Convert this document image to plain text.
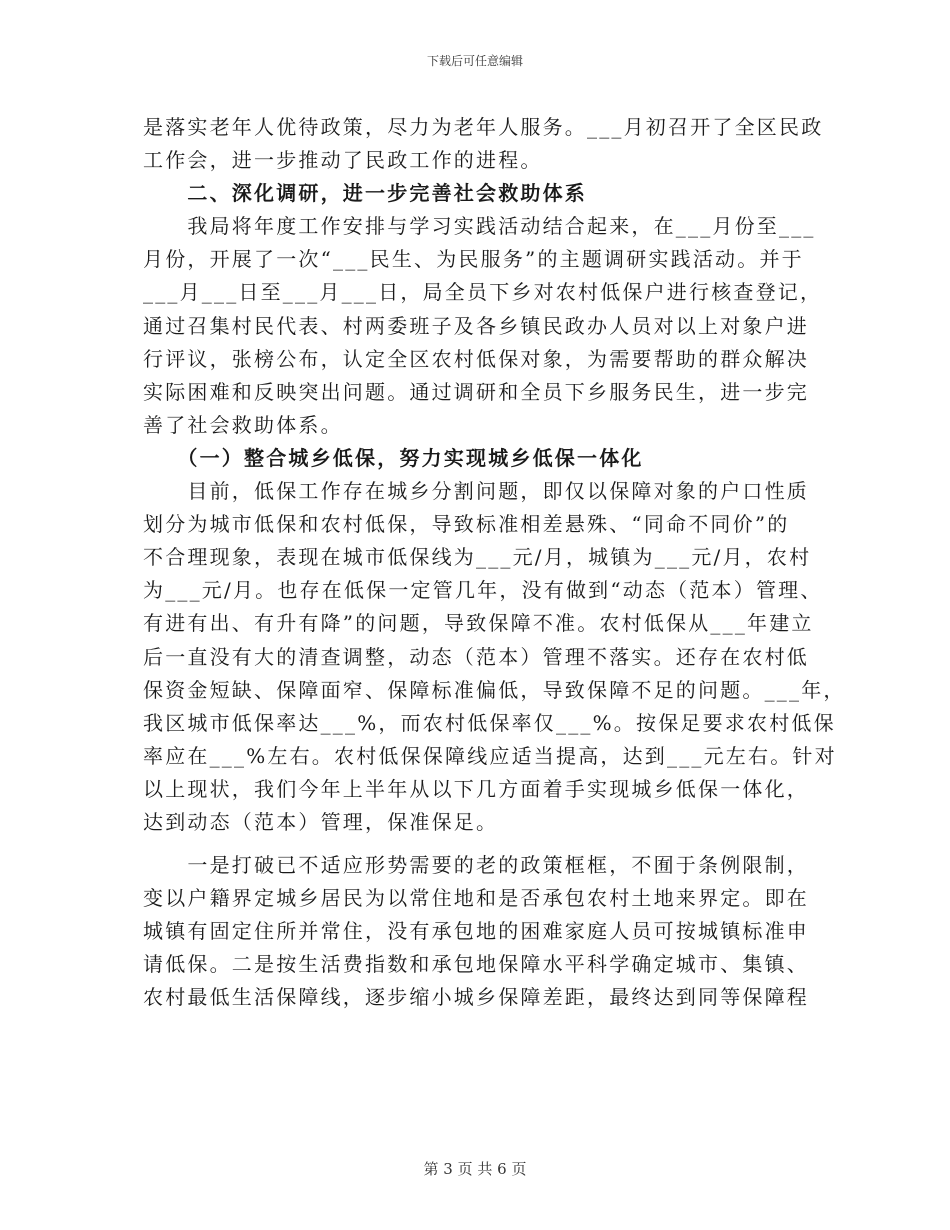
下载后可任意编辑
是落实老年人优待政策，尽力为老年人服务。___月初召开了全区民政
工作会，进一步推动了民政工作的进程。
　　二、深化调研，进一步完善社会救助体系
　　我局将年度工作安排与学习实践活动结合起来，在___月份至___
月份，开展了一次“___民生、为民服务”的主题调研实践活动。并于
___月___日至___月___日，局全员下乡对农村低保户进行核查登记，
通过召集村民代表、村两委班子及各乡镇民政办人员对以上对象户进
行评议，张榜公布，认定全区农村低保对象，为需要帮助的群众解决
实际困难和反映突出问题。通过调研和全员下乡服务民生，进一步完
善了社会救助体系。
　　（一）整合城乡低保，努力实现城乡低保一体化
　　目前，低保工作存在城乡分割问题，即仅以保障对象的户口性质
划分为城市低保和农村低保，导致标准相差悬殊、“同命不同价”的
不合理现象，表现在城市低保线为___元/月，城镇为___元/月，农村
为___元/月。也存在低保一定管几年，没有做到“动态（范本）管理、
有进有出、有升有降”的问题，导致保障不准。农村低保从___年建立
后一直没有大的清查调整，动态（范本）管理不落实。还存在农村低
保资金短缺、保障面窄、保障标准偏低，导致保障不足的问题。___年，
我区城市低保率达___%，而农村低保率仅___%。按保足要求农村低保
率应在___%左右。农村低保保障线应适当提高，达到___元左右。针对
以上现状，我们今年上半年从以下几方面着手实现城乡低保一体化，
达到动态（范本）管理，保准保足。
　　一是打破已不适应形势需要的老的政策框框，不囿于条例限制，
变以户籍界定城乡居民为以常住地和是否承包农村土地来界定。即在
城镇有固定住所并常住，没有承包地的困难家庭人员可按城镇标准申
请低保。二是按生活费指数和承包地保障水平科学确定城市、集镇、
农村最低生活保障线，逐步缩小城乡保障差距，最终达到同等保障程
第 3 页 共 6 页
